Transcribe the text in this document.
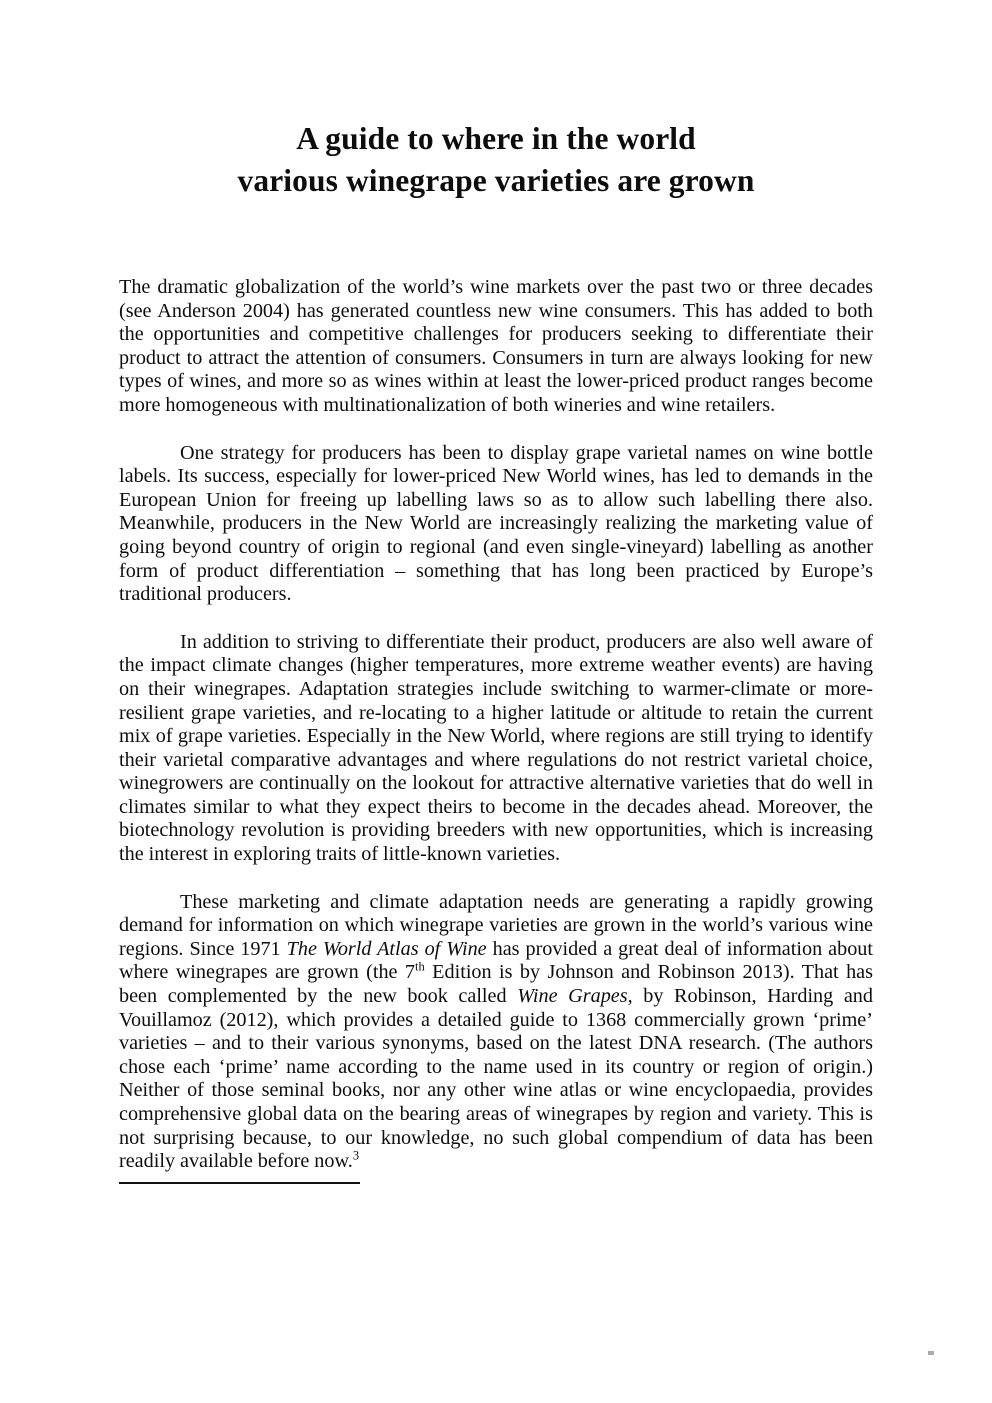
A guide to where in the world
various winegrape varieties are grown

The dramatic globalization of the world’s wine markets over the past two or three decades (see Anderson 2004) has generated countless new wine consumers. This has added to both the opportunities and competitive challenges for producers seeking to differentiate their product to attract the attention of consumers. Consumers in turn are always looking for new types of wines, and more so as wines within at least the lower-priced product ranges become more homogeneous with multinationalization of both wineries and wine retailers.

One strategy for producers has been to display grape varietal names on wine bottle labels. Its success, especially for lower-priced New World wines, has led to demands in the European Union for freeing up labelling laws so as to allow such labelling there also. Meanwhile, producers in the New World are increasingly realizing the marketing value of going beyond country of origin to regional (and even single-vineyard) labelling as another form of product differentiation – something that has long been practiced by Europe’s traditional producers.

In addition to striving to differentiate their product, producers are also well aware of the impact climate changes (higher temperatures, more extreme weather events) are having on their winegrapes. Adaptation strategies include switching to warmer-climate or more-resilient grape varieties, and re-locating to a higher latitude or altitude to retain the current mix of grape varieties. Especially in the New World, where regions are still trying to identify their varietal comparative advantages and where regulations do not restrict varietal choice, winegrowers are continually on the lookout for attractive alternative varieties that do well in climates similar to what they expect theirs to become in the decades ahead. Moreover, the biotechnology revolution is providing breeders with new opportunities, which is increasing the interest in exploring traits of little-known varieties.

These marketing and climate adaptation needs are generating a rapidly growing demand for information on which winegrape varieties are grown in the world’s various wine regions. Since 1971 The World Atlas of Wine has provided a great deal of information about where winegrapes are grown (the 7th Edition is by Johnson and Robinson 2013). That has been complemented by the new book called Wine Grapes, by Robinson, Harding and Vouillamoz (2012), which provides a detailed guide to 1368 commercially grown ‘prime’ varieties – and to their various synonyms, based on the latest DNA research. (The authors chose each ‘prime’ name according to the name used in its country or region of origin.) Neither of those seminal books, nor any other wine atlas or wine encyclopaedia, provides comprehensive global data on the bearing areas of winegrapes by region and variety. This is not surprising because, to our knowledge, no such global compendium of data has been readily available before now.$^3$
